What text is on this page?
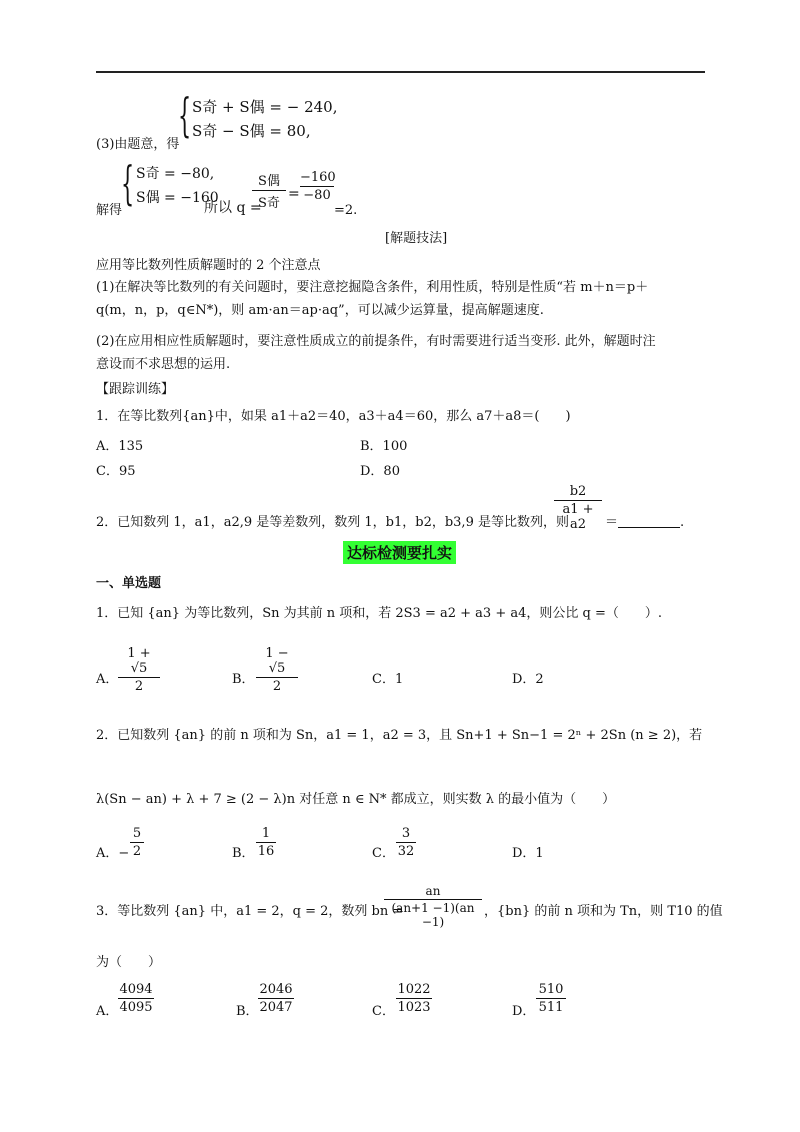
{ S奇 + S偶 = − 240,
S奇 − S偶 = 80,
(3)由题意，得
{ S奇 = −80,
S偶 = −160
解得	所以 q =
S偶
S奇
=
−160
−80
=2.
[解题技法]
应用等比数列性质解题时的 2 个注意点
(1)在解决等比数列的有关问题时，要注意挖掘隐含条件，利用性质，特别是性质“若 m＋n＝p＋
q(m，n，p，q∈N*)，则 am·an＝ap·aq”，可以减少运算量，提高解题速度.
(2)在应用相应性质解题时，要注意性质成立的前提条件，有时需要进行适当变形. 此外，解题时注
意设而不求思想的运用.
【跟踪训练】
1．在等比数列{an}中，如果 a1＋a2＝40，a3＋a4＝60，那么 a7＋a8＝(　　)
A．135	B．100
C．95	D．80
2．已知数列 1，a1，a2,9 是等差数列，数列 1，b1，b2，b3,9 是等比数列，则
b2
a1 + a2	＝	.
达标检测要扎实
一、单选题
1．已知 {an} 为等比数列，Sn 为其前 n 项和，若 2S3 = a2 + a3 + a4，则公比 q =（　　）.
A．
1 + √5
2	B．
1 − √5
2	C．1	D．2
2．已知数列 {an} 的前 n 项和为 Sn，a1 = 1，a2 = 3，且 Sn+1 + Sn−1 = 2ⁿ + 2Sn (n ≥ 2)，若
λ(Sn − an) + λ + 7 ≥ (2 − λ)n 对任意 n ∈ N* 都成立，则实数 λ 的最小值为（　　）
A．−
5
2	B．
1
16	C．
3
32	D．1
3．等比数列 {an} 中，a1 = 2，q = 2，数列 bn =
an
(an+1 −1)(an −1)
，{bn} 的前 n 项和为 Tn，则 T10 的值
为（　　）
A．
4094
4095	B．
2046
2047	C．
1022
1023	D．
510
511
